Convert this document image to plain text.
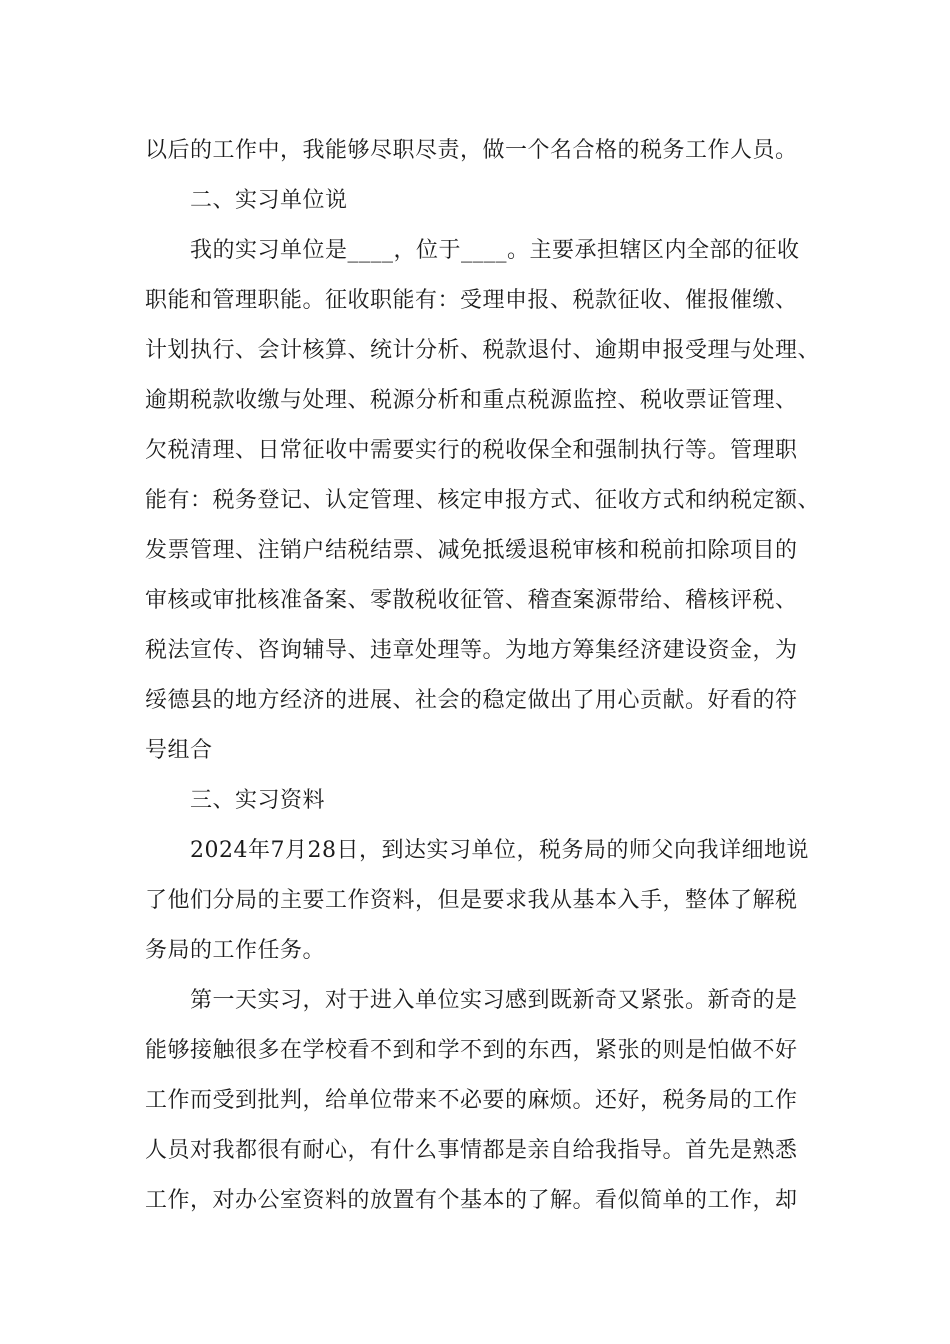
以后的工作中，我能够尽职尽责，做一个名合格的税务工作人员。
二、实习单位说
我的实习单位是____，位于____。主要承担辖区内全部的征收
职能和管理职能。征收职能有：受理申报、税款征收、催报催缴、
计划执行、会计核算、统计分析、税款退付、逾期申报受理与处理、
逾期税款收缴与处理、税源分析和重点税源监控、税收票证管理、
欠税清理、日常征收中需要实行的税收保全和强制执行等。管理职
能有：税务登记、认定管理、核定申报方式、征收方式和纳税定额、
发票管理、注销户结税结票、减免抵缓退税审核和税前扣除项目的
审核或审批核准备案、零散税收征管、稽查案源带给、稽核评税、
税法宣传、咨询辅导、违章处理等。为地方筹集经济建设资金，为
绥德县的地方经济的进展、社会的稳定做出了用心贡献。好看的符
号组合
三、实习资料
2024年7月28日，到达实习单位，税务局的师父向我详细地说
了他们分局的主要工作资料，但是要求我从基本入手，整体了解税
务局的工作任务。
第一天实习，对于进入单位实习感到既新奇又紧张。新奇的是
能够接触很多在学校看不到和学不到的东西，紧张的则是怕做不好
工作而受到批判，给单位带来不必要的麻烦。还好，税务局的工作
人员对我都很有耐心，有什么事情都是亲自给我指导。首先是熟悉
工作，对办公室资料的放置有个基本的了解。看似简单的工作，却
